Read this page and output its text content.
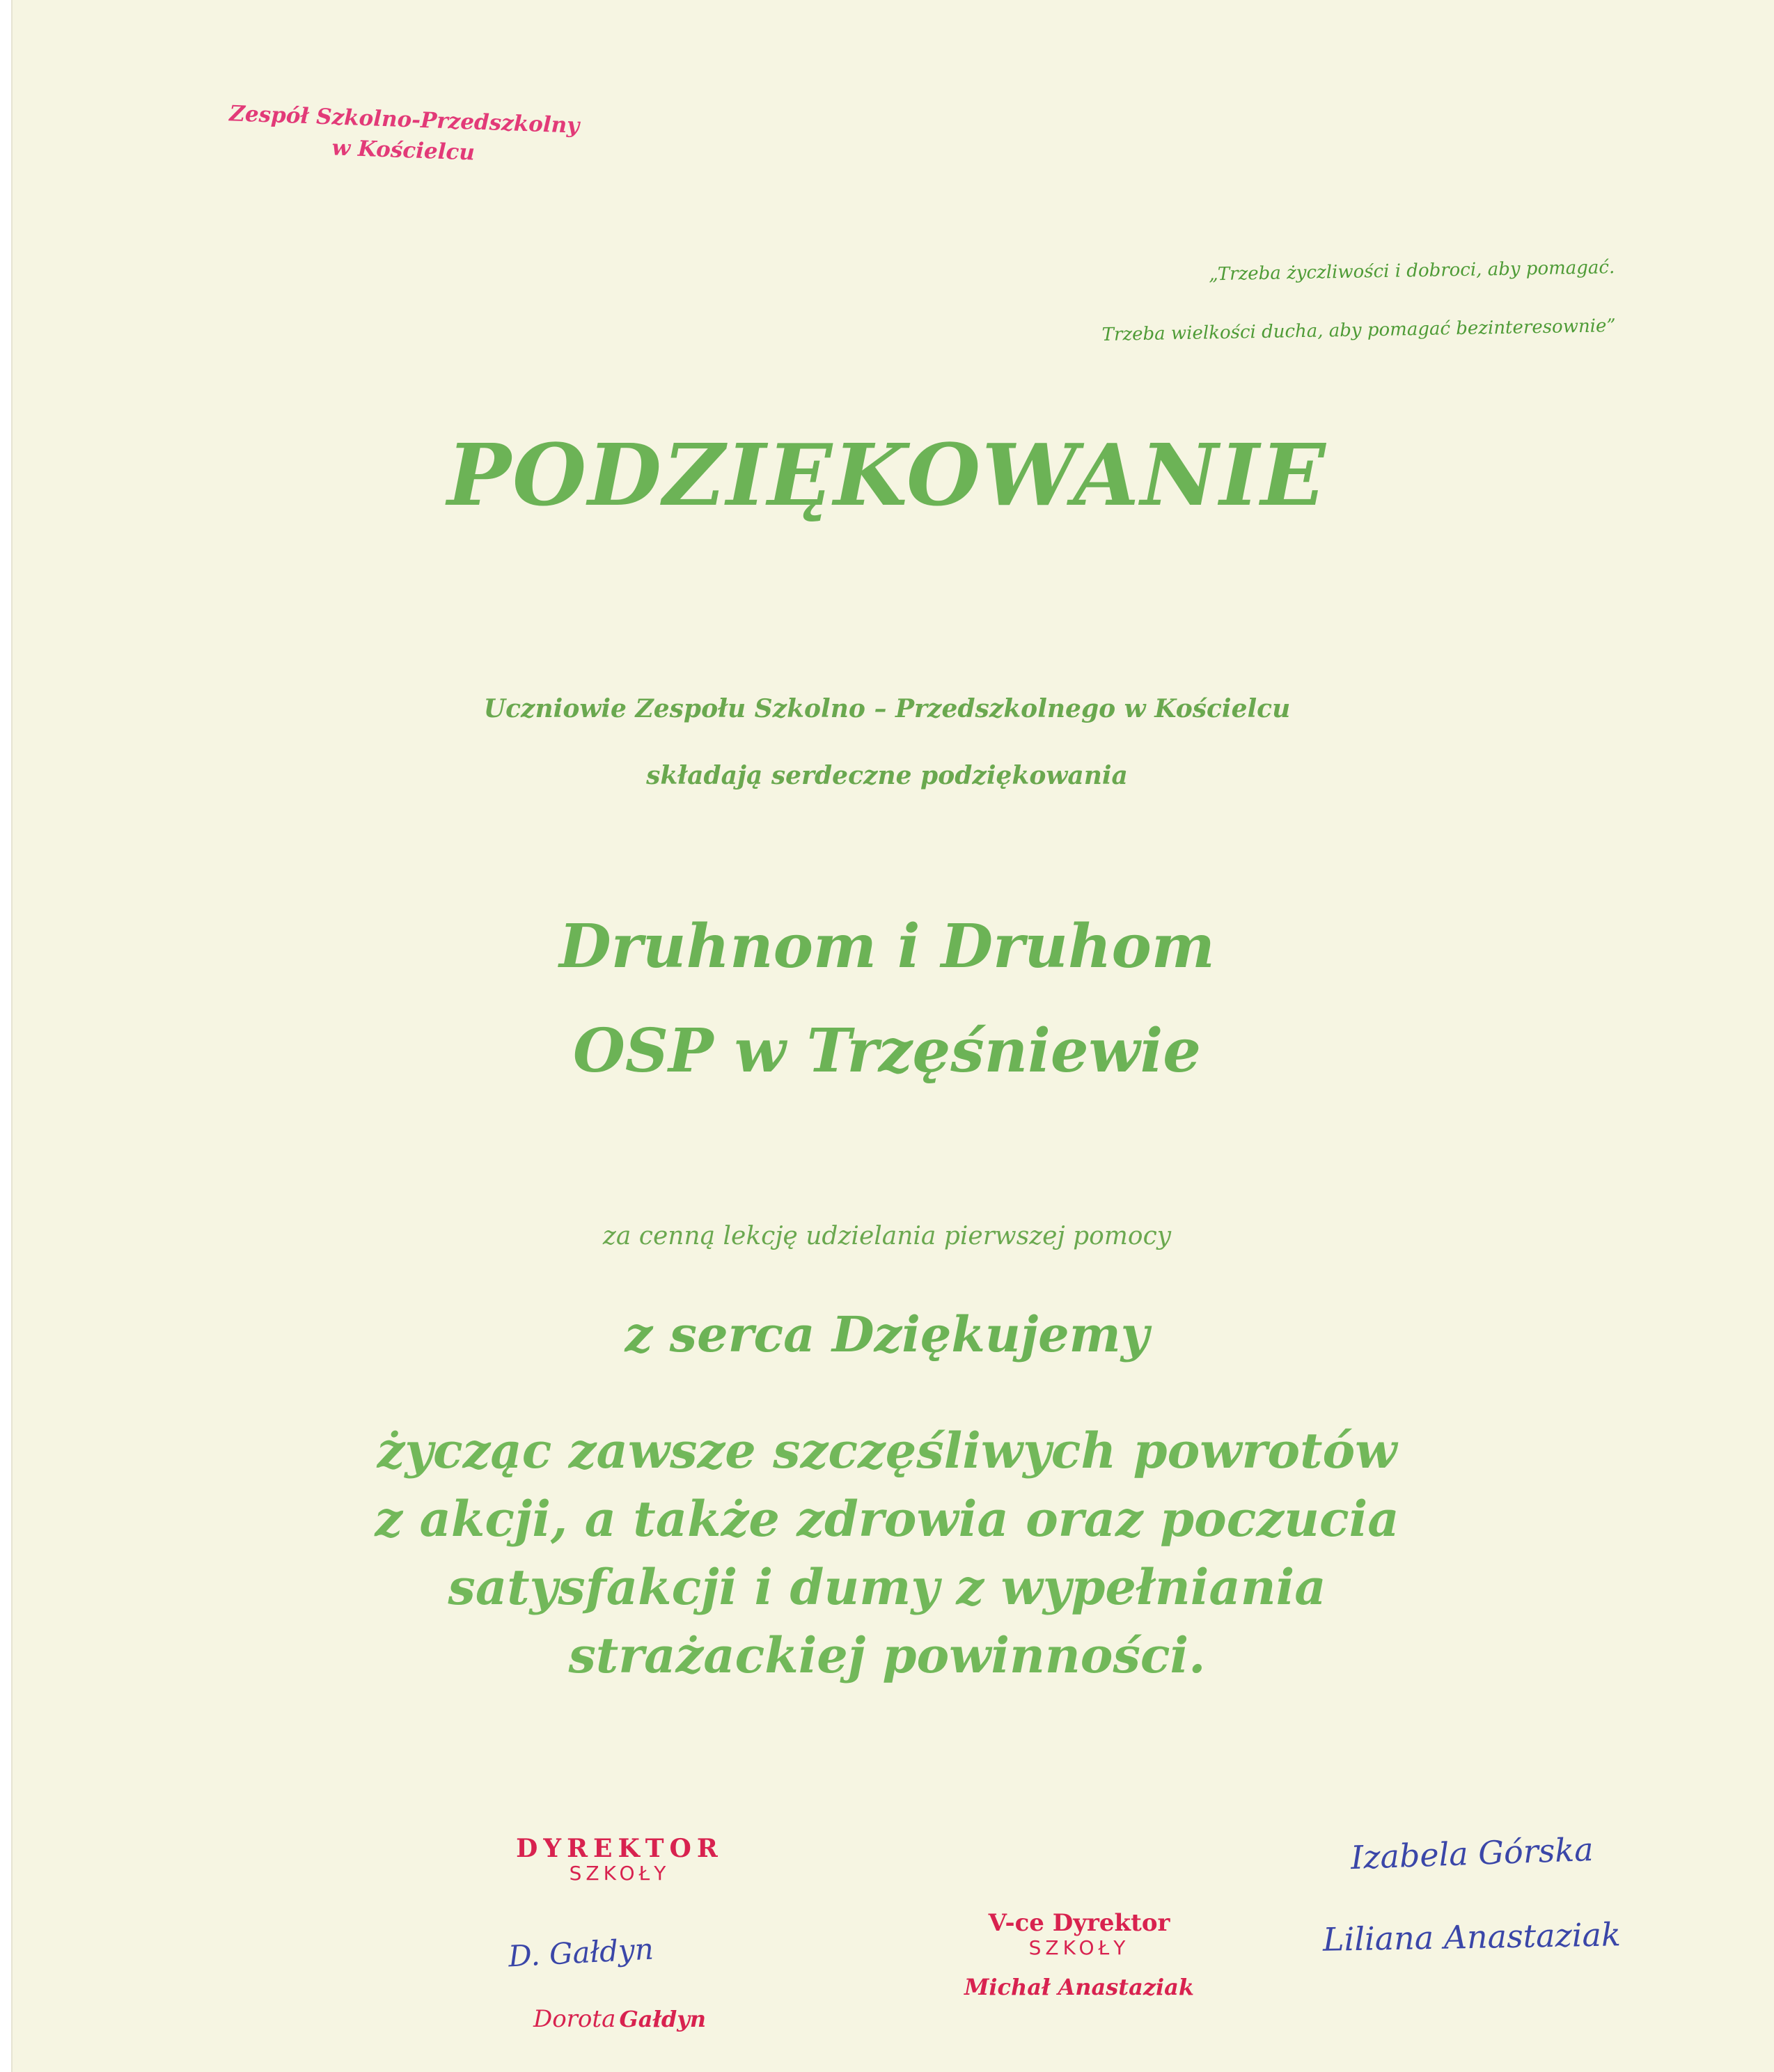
Zespół Szkolno-Przedszkolny
w Kościelcu
„Trzeba życzliwości i dobroci, aby pomagać.
Trzeba wielkości ducha, aby pomagać bezinteresownie”
PODZIĘKOWANIE
Uczniowie Zespołu Szkolno – Przedszkolnego w Kościelcu
składają serdeczne podziękowania
Druhnom i Druhom
OSP w Trzęśniewie
za cenną lekcję udzielania pierwszej pomocy
z serca Dziękujemy
życząc zawsze szczęśliwych powrotów
z akcji, a także zdrowia oraz poczucia
satysfakcji i dumy z wypełniania
strażackiej powinności.
DYREKTOR
SZKOŁY
D. Gałdyn
Dorota Gałdyn
V-ce Dyrektor
SZKOŁY
Michał Anastaziak
Izabela Górska
Liliana Anastaziak
